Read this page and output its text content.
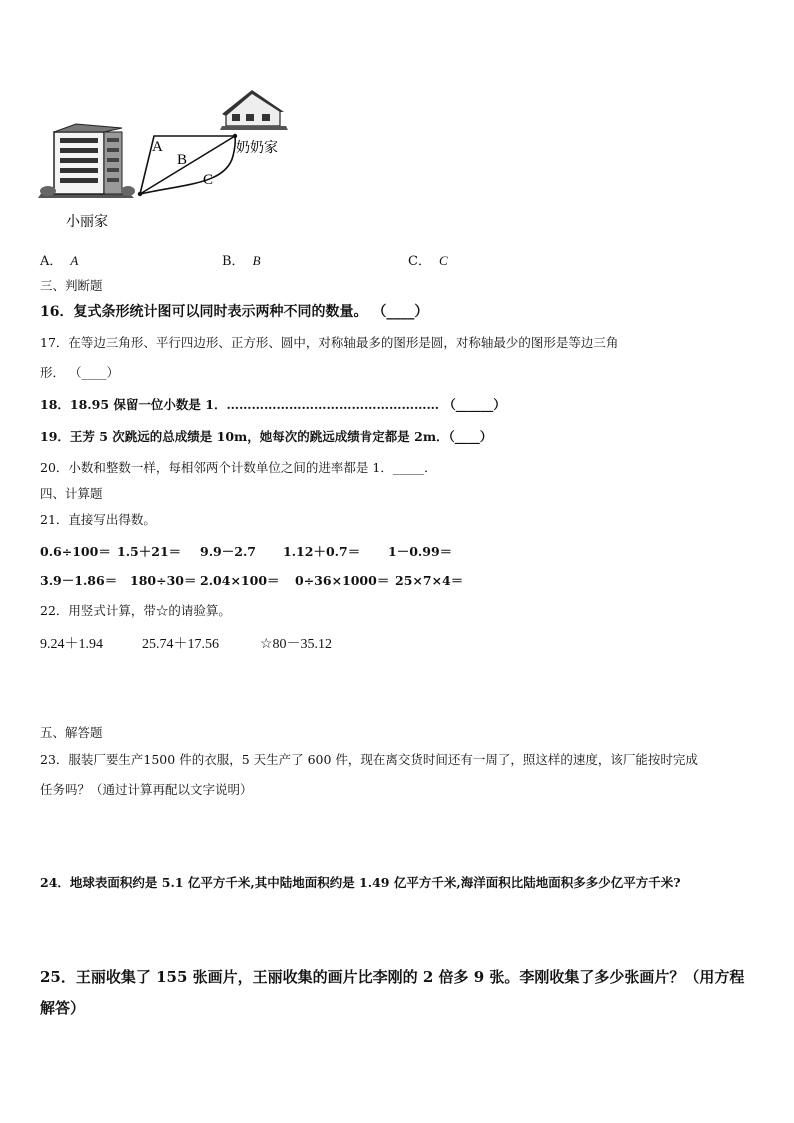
A
B
C
奶奶家
小丽家
A． A	B． B	C． C
三、判断题
16．复式条形统计图可以同时表示两种不同的数量。 （____）
17．在等边三角形、平行四边形、正方形、圆中，对称轴最多的图形是圆，对称轴最少的图形是等边三角
形． （____）
18．18.95 保留一位小数是 1．…………………………………………… （______）
19．王芳 5 次跳远的总成绩是 10m，她每次的跳远成绩肯定都是 2m．（____）
20．小数和整数一样，每相邻两个计数单位之间的进率都是 1．_____．
四、计算题
21．直接写出得数。
0.6÷100＝ 1.5＋21＝ 9.9－2.7 1.12＋0.7＝ 1－0.99＝
3.9－1.86＝ 180÷30＝ 2.04×100＝ 0÷36×1000＝ 25×7×4＝
22．用竖式计算，带☆的请验算。
9.24＋1.94	25.74＋17.56	☆80－35.12
五、解答题
23．服装厂要生产1500 件的衣服，5 天生产了 600 件，现在离交货时间还有一周了，照这样的速度，该厂能按时完成
任务吗？（通过计算再配以文字说明）
24．地球表面积约是 5.1 亿平方千米,其中陆地面积约是 1.49 亿平方千米,海洋面积比陆地面积多多少亿平方千米?
25．王丽收集了 155 张画片，王丽收集的画片比李刚的 2 倍多 9 张。李刚收集了多少张画片？（用方程
解答）
